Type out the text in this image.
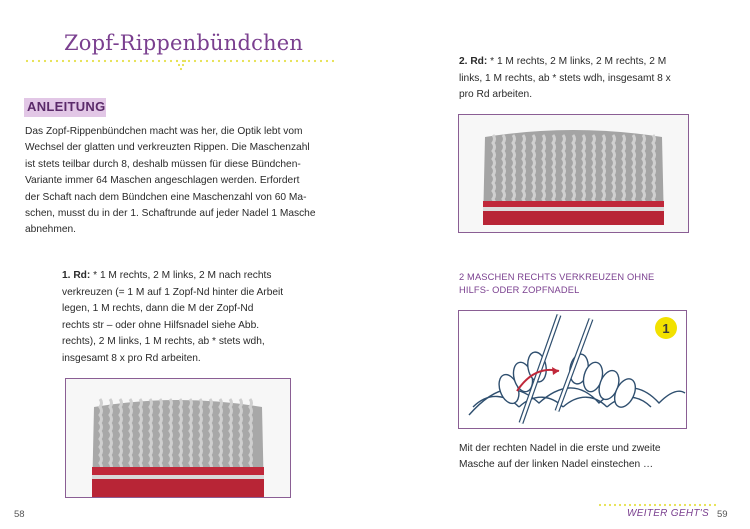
Zopf-Rippenbündchen
ANLEITUNG
Das Zopf-Rippenbündchen macht was her, die Optik lebt vom
Wechsel der glatten und verkreuzten Rippen. Die Maschenzahl
ist stets teilbar durch 8, deshalb müssen für diese Bündchen-
Variante immer 64 Maschen angeschlagen werden. Erfordert
der Schaft nach dem Bündchen eine Maschenzahl von 60 Ma-
schen, musst du in der 1. Schaftrunde auf jeder Nadel 1 Masche
abnehmen.
1. Rd: * 1 M rechts, 2 M links, 2 M nach rechts
verkreuzen (= 1 M auf 1 Zopf-Nd hinter die Arbeit
legen, 1 M rechts, dann die M der Zopf-Nd
rechts str – oder ohne Hilfsnadel siehe Abb.
rechts), 2 M links, 1 M rechts, ab * stets wdh,
insgesamt 8 x pro Rd arbeiten.
58
2. Rd: * 1 M rechts, 2 M links, 2 M rechts, 2 M
links, 1 M rechts, ab * stets wdh, insgesamt 8 x
pro Rd arbeiten.
2 MASCHEN RECHTS VERKREUZEN OHNE
HILFS- ODER ZOPFNADEL
1
Mit der rechten Nadel in die erste und zweite
Masche auf der linken Nadel einstechen …
WEITER GEHT'S 59
